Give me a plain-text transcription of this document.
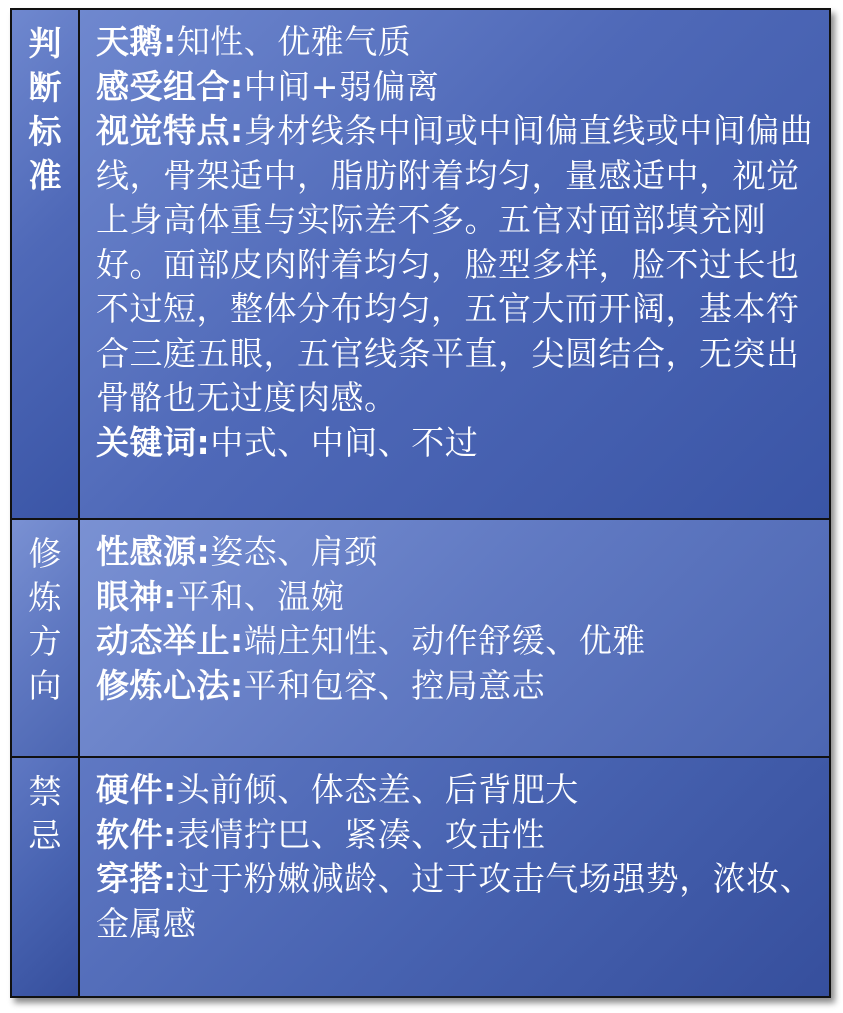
判
断
标
准

天鹅:知性、优雅气质

感受组合:中间+弱偏离

视觉特点:身材线条中间或中间偏直线或中间偏曲线，骨架适中，脂肪附着均匀，量感适中，视觉上身高体重与实际差不多。五官对面部填充刚好。面部皮肉附着均匀，脸型多样，脸不过长也不过短，整体分布均匀，五官大而开阔，基本符合三庭五眼，五官线条平直，尖圆结合，无突出骨骼也无过度肉感。

关键词:中式、中间、不过

修
炼
方
向

性感源:姿态、肩颈

眼神:平和、温婉

动态举止:端庄知性、动作舒缓、优雅

修炼心法:平和包容、控局意志

禁
忌

硬件:头前倾、体态差、后背肥大

软件:表情拧巴、紧凑、攻击性

穿搭:过于粉嫩减龄、过于攻击气场强势，浓妆、金属感
